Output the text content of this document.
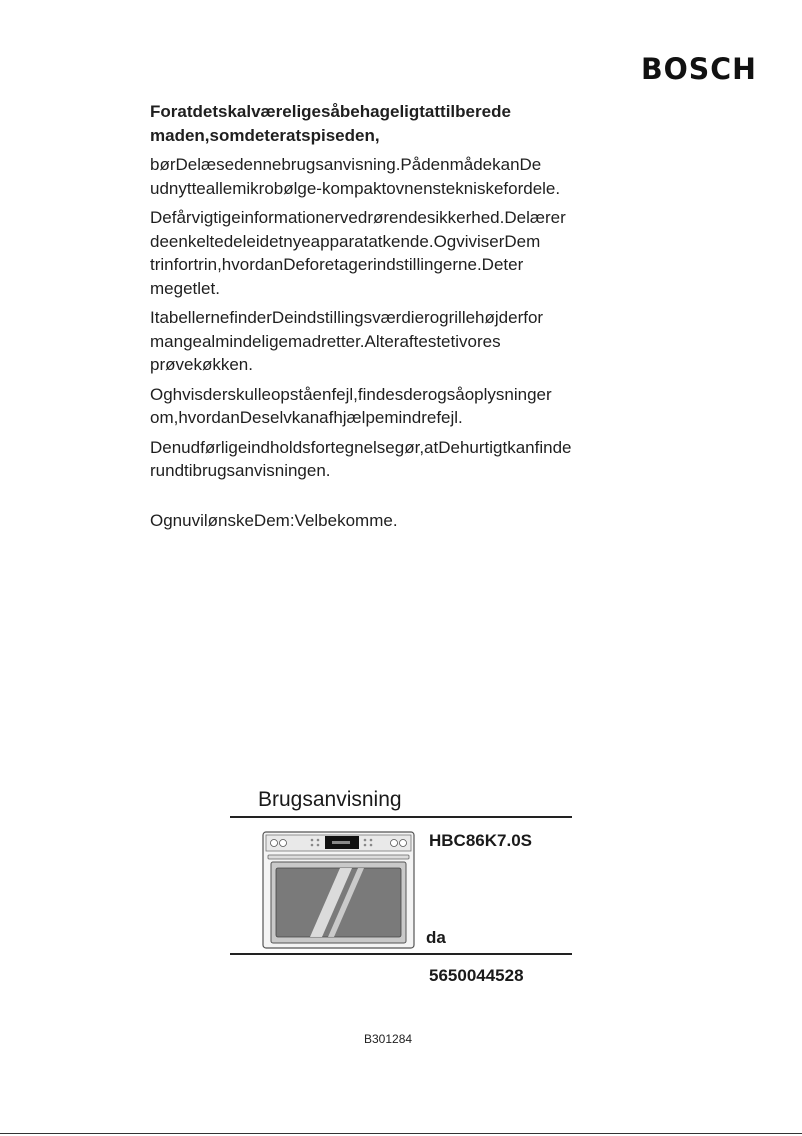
BOSCH

Foratdetskalværeligesåbehageligtattilberede
maden,somdeteratspiseden,

børDelæsedennebrugsanvisning.PådenmådekanDe
udnytteallemikrobølge-kompaktovnenstekniskefordele.

Defårvigtigeinformationervedrørendesikkerhed.Delærer
deenkeltedeleidetnyeapparatatkende.OgviviserDem
trinfortrin,hvordanDeforetagerindstillingerne.Deter
megetlet.

ItabellernefinderDeindstillingsværdierogrillehøjderfor
mangealmindeligemadretter.Alteraftestetivores
prøvekøkken.

Oghvisderskulleopståenfejl,findesderogsåoplysninger
om,hvordanDeselvkanafhjælpemindrefejl.

Denudførligeindholdsfortegnelsegør,atDehurtigtkanfinde
rundtibrugsanvisningen.

OgnuvilønskeDem:Velbekomme.

Brugsanvisning
HBC86K7.0S
da
5650044528
B301284
